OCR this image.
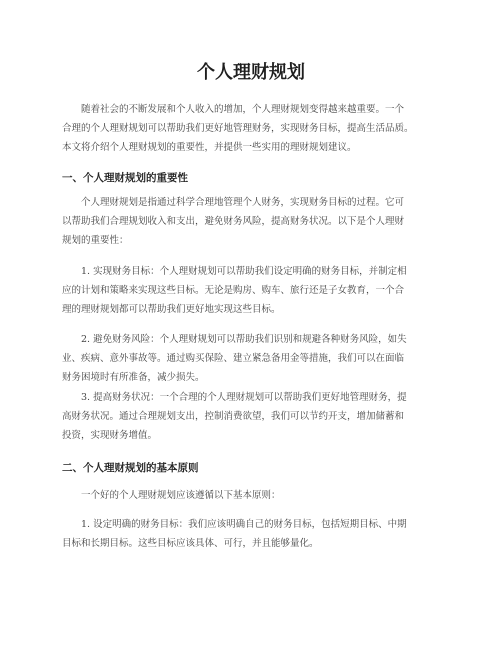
个人理财规划
随着社会的不断发展和个人收入的增加，个人理财规划变得越来越重要。一个
合理的个人理财规划可以帮助我们更好地管理财务，实现财务目标，提高生活品质。
本文将介绍个人理财规划的重要性，并提供一些实用的理财规划建议。
一、个人理财规划的重要性
个人理财规划是指通过科学合理地管理个人财务，实现财务目标的过程。它可
以帮助我们合理规划收入和支出，避免财务风险，提高财务状况。以下是个人理财
规划的重要性：
1. 实现财务目标：个人理财规划可以帮助我们设定明确的财务目标，并制定相
应的计划和策略来实现这些目标。无论是购房、购车、旅行还是子女教育，一个合
理的理财规划都可以帮助我们更好地实现这些目标。
2. 避免财务风险：个人理财规划可以帮助我们识别和规避各种财务风险，如失
业、疾病、意外事故等。通过购买保险、建立紧急备用金等措施，我们可以在面临
财务困境时有所准备，减少损失。
3. 提高财务状况：一个合理的个人理财规划可以帮助我们更好地管理财务，提
高财务状况。通过合理规划支出，控制消费欲望，我们可以节约开支，增加储蓄和
投资，实现财务增值。
二、个人理财规划的基本原则
一个好的个人理财规划应该遵循以下基本原则：
1. 设定明确的财务目标：我们应该明确自己的财务目标，包括短期目标、中期
目标和长期目标。这些目标应该具体、可行，并且能够量化。
